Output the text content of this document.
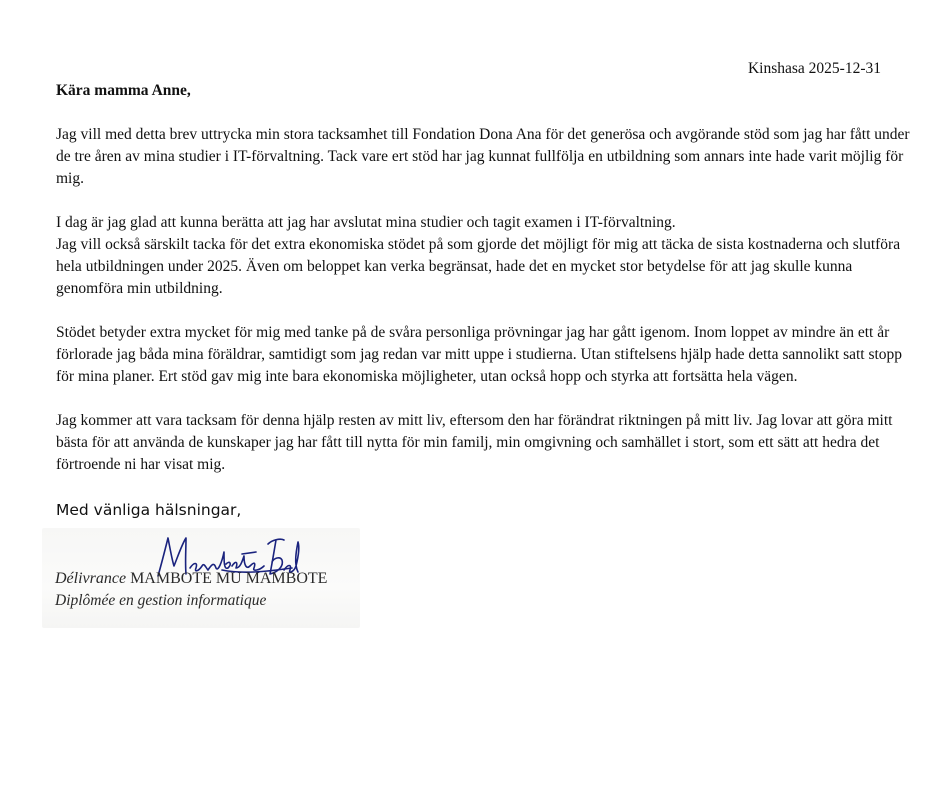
Kinshasa 2025-12-31
Kära mamma Anne,

Jag vill med detta brev uttrycka min stora tacksamhet till Fondation Dona Ana för det generösa och avgörande stöd som jag har fått under de tre åren av mina studier i IT-förvaltning. Tack vare ert stöd har jag kunnat fullfölja en utbildning som annars inte hade varit möjlig för mig.

I dag är jag glad att kunna berätta att jag har avslutat mina studier och tagit examen i IT-förvaltning.
Jag vill också särskilt tacka för det extra ekonomiska stödet på som gjorde det möjligt för mig att täcka de sista kostnaderna och slutföra hela utbildningen under 2025. Även om beloppet kan verka begränsat, hade det en mycket stor betydelse för att jag skulle kunna genomföra min utbildning.

Stödet betyder extra mycket för mig med tanke på de svåra personliga prövningar jag har gått igenom. Inom loppet av mindre än ett år förlorade jag båda mina föräldrar, samtidigt som jag redan var mitt uppe i studierna. Utan stiftelsens hjälp hade detta sannolikt satt stopp för mina planer. Ert stöd gav mig inte bara ekonomiska möjligheter, utan också hopp och styrka att fortsätta hela vägen.

Jag kommer att vara tacksam för denna hjälp resten av mitt liv, eftersom den har förändrat riktningen på mitt liv. Jag lovar att göra mitt bästa för att använda de kunskaper jag har fått till nytta för min familj, min omgivning och samhället i stort, som ett sätt att hedra det förtroende ni har visat mig.

Med vänliga hälsningar,
Délivrance MAMBOTE MU MAMBOTE
Diplômée en gestion informatique
